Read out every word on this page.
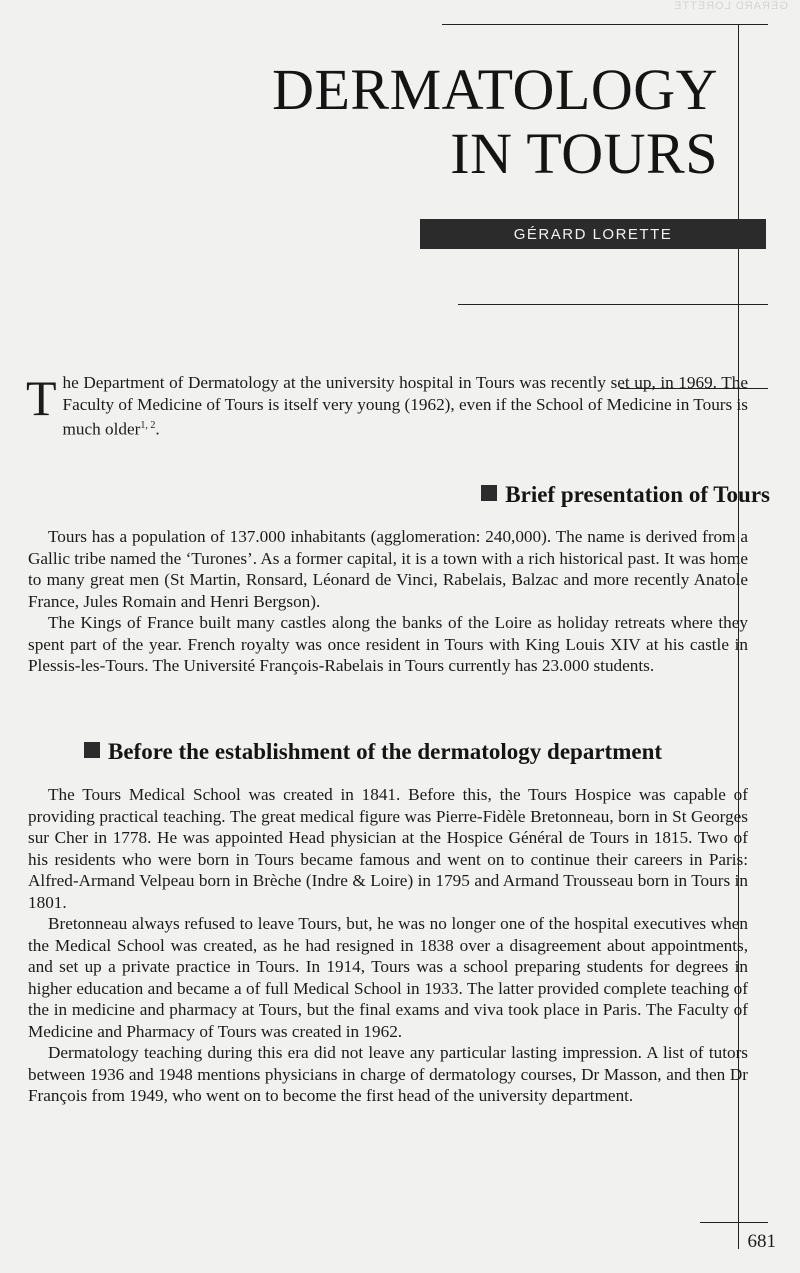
GÉRARD LORETTE
DERMATOLOGY
IN TOURS
GÉRARD LORETTE

The Department of Dermatology at the university hospital in Tours was recently set up, in 1969. The Faculty of Medicine of Tours is itself very young (1962), even if the School of Medicine in Tours is much older$^{1, 2}$.

Brief presentation of Tours

Tours has a population of 137.000 inhabitants (agglomeration: 240,000). The name is derived from a Gallic tribe named the ‘Turones’. As a former capital, it is a town with a rich historical past. It was home to many great men (St Martin, Ronsard, Léonard de Vinci, Rabelais, Balzac and more recently Anatole France, Jules Romain and Henri Bergson).

The Kings of France built many castles along the banks of the Loire as holiday retreats where they spent part of the year. French royalty was once resident in Tours with King Louis XIV at his castle in Plessis-les-Tours. The Université François-Rabelais in Tours currently has 23.000 students.

Before the establishment of the dermatology department

The Tours Medical School was created in 1841. Before this, the Tours Hospice was capable of providing practical teaching. The great medical figure was Pierre-Fidèle Bretonneau, born in St Georges sur Cher in 1778. He was appointed Head physician at the Hospice Général de Tours in 1815. Two of his residents who were born in Tours became famous and went on to continue their careers in Paris: Alfred-Armand Velpeau born in Brèche (Indre & Loire) in 1795 and Armand Trousseau born in Tours in 1801.

Bretonneau always refused to leave Tours, but, he was no longer one of the hospital executives when the Medical School was created, as he had resigned in 1838 over a disagreement about appointments, and set up a private practice in Tours. In 1914, Tours was a school preparing students for degrees in higher education and became a of full Medical School in 1933. The latter provided complete teaching of the in medicine and pharmacy at Tours, but the final exams and viva took place in Paris. The Faculty of Medicine and Pharmacy of Tours was created in 1962.

Dermatology teaching during this era did not leave any particular lasting impression. A list of tutors between 1936 and 1948 mentions physicians in charge of dermatology courses, Dr Masson, and then Dr François from 1949, who went on to become the first head of the university department.

681
